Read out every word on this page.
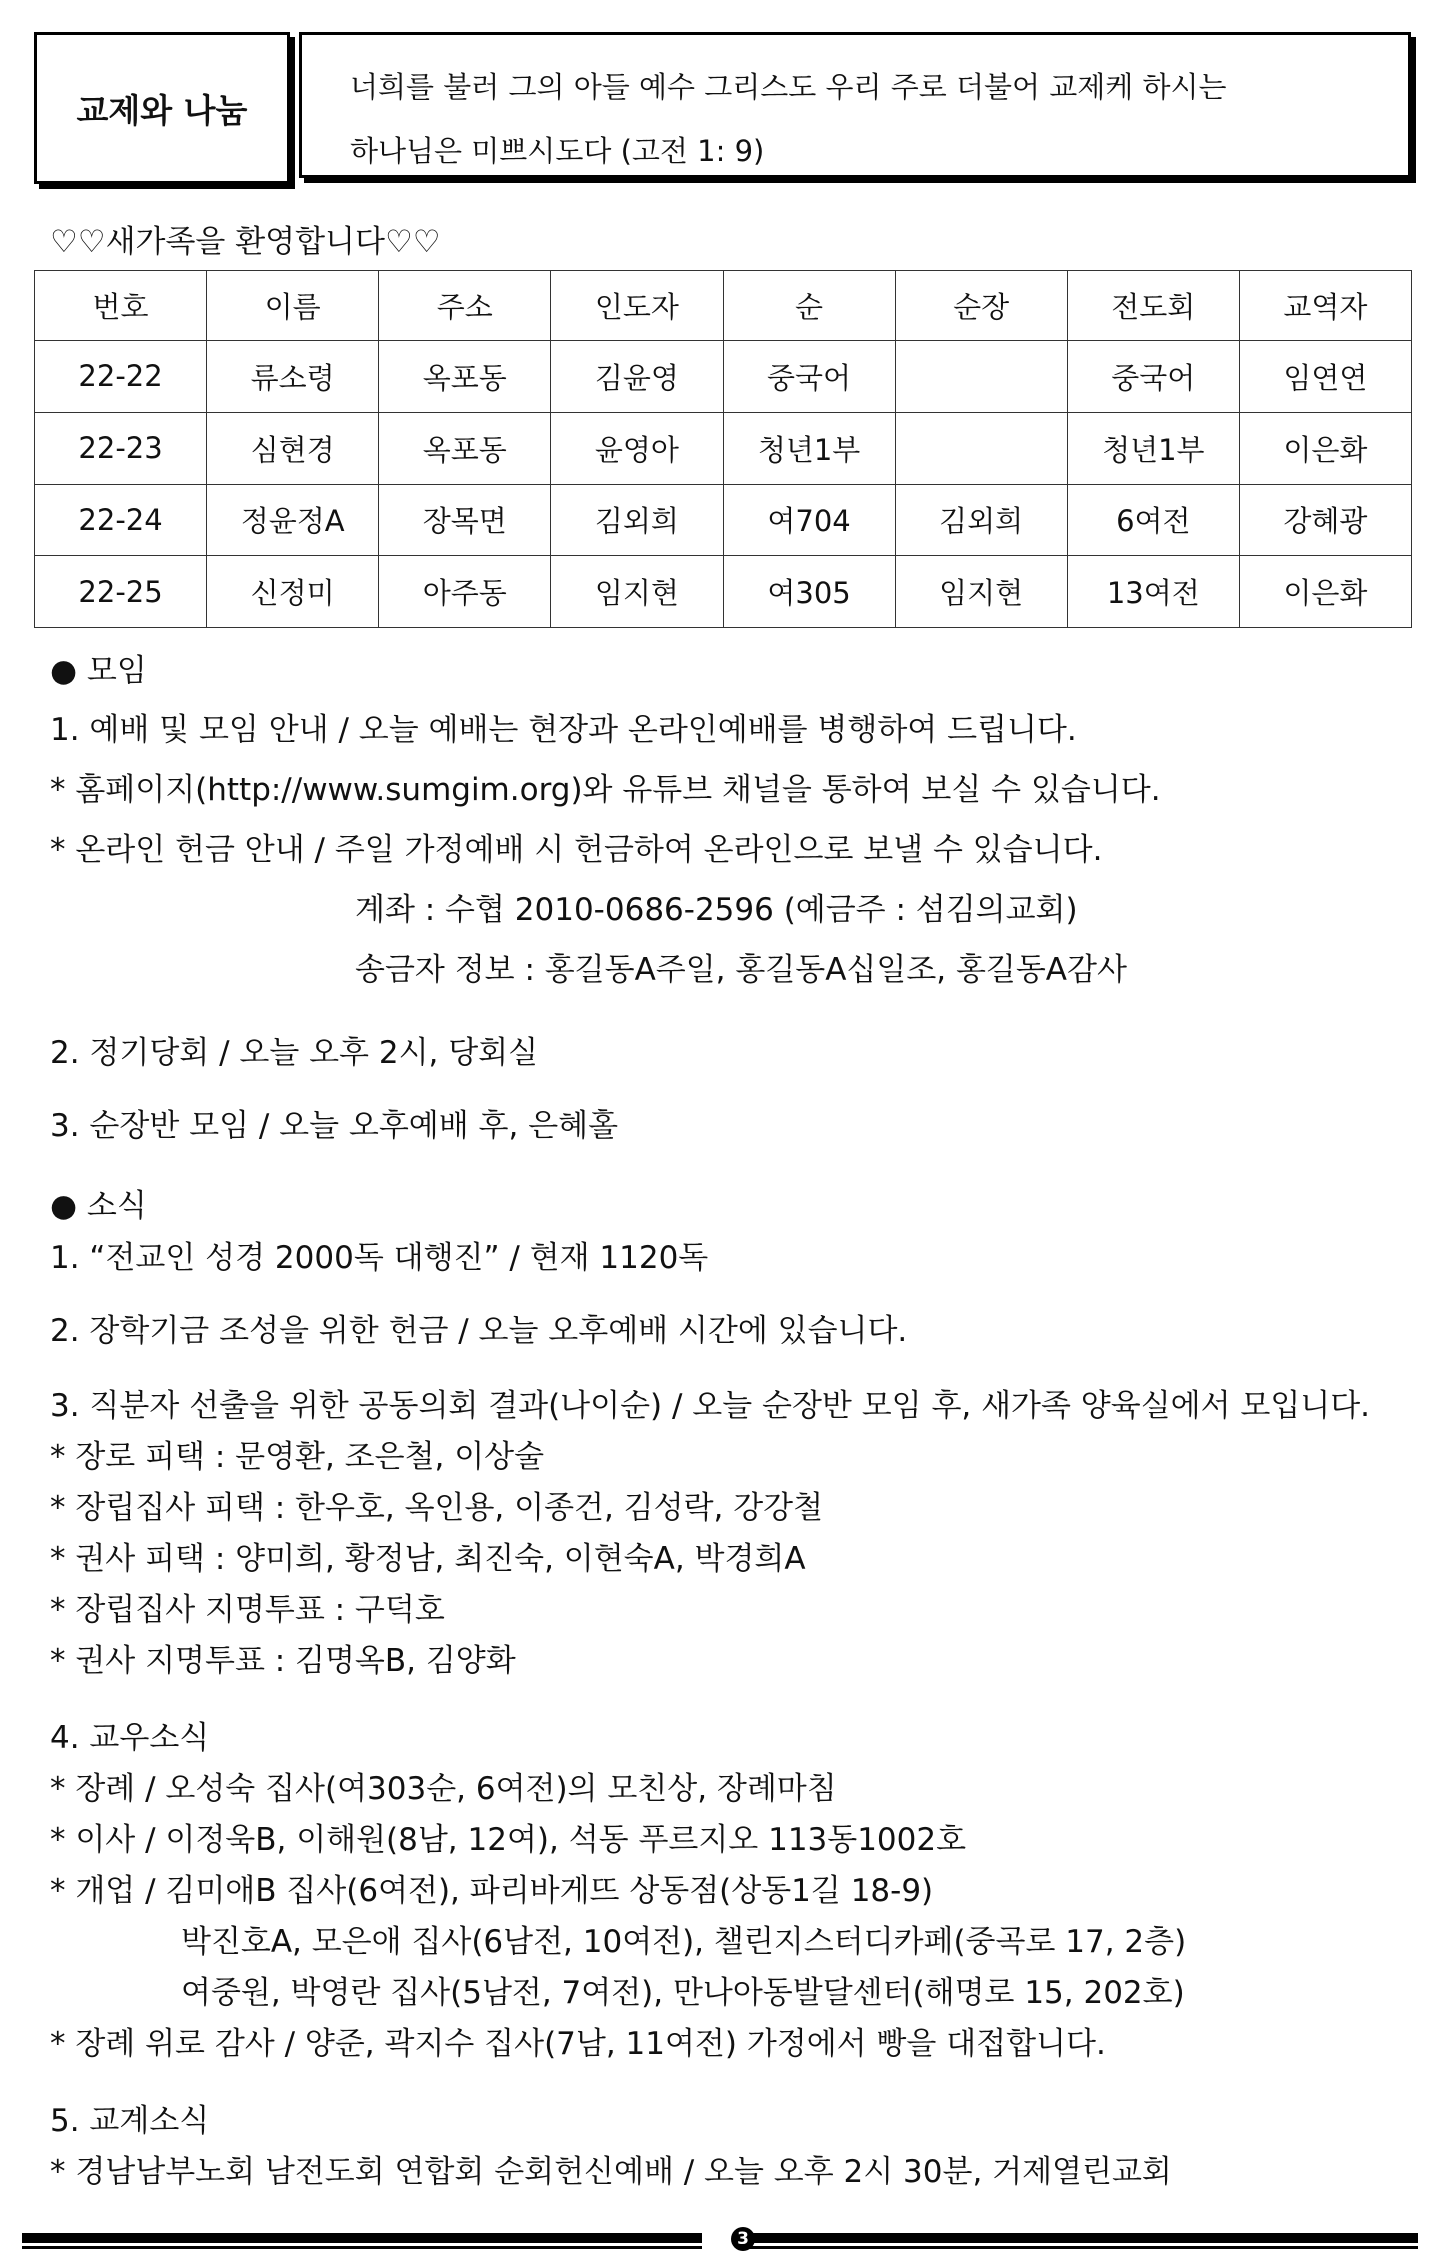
교제와 나눔
너희를 불러 그의 아들 예수 그리스도 우리 주로 더불어 교제케 하시는
하나님은 미쁘시도다 (고전 1: 9)
♡♡새가족을 환영합니다♡♡
번호	이름	주소	인도자	순	순장	전도회	교역자
22-22	류소령	옥포동	김윤영	중국어		중국어	임연연
22-23	심현경	옥포동	윤영아	청년1부		청년1부	이은화
22-24	정윤정A	장목면	김외희	여704	김외희	6여전	강혜광
22-25	신정미	아주동	임지현	여305	임지현	13여전	이은화
● 모임
1. 예배 및 모임 안내 / 오늘 예배는 현장과 온라인예배를 병행하여 드립니다.
* 홈페이지(http://www.sumgim.org)와 유튜브 채널을 통하여 보실 수 있습니다.
* 온라인 헌금 안내 / 주일 가정예배 시 헌금하여 온라인으로 보낼 수 있습니다.
계좌 : 수협 2010-0686-2596 (예금주 : 섬김의교회)
송금자 정보 : 홍길동A주일, 홍길동A십일조, 홍길동A감사
2. 정기당회 / 오늘 오후 2시, 당회실
3. 순장반 모임 / 오늘 오후예배 후, 은혜홀
● 소식
1. “전교인 성경 2000독 대행진” / 현재 1120독
2. 장학기금 조성을 위한 헌금 / 오늘 오후예배 시간에 있습니다.
3. 직분자 선출을 위한 공동의회 결과(나이순) / 오늘 순장반 모임 후, 새가족 양육실에서 모입니다.
* 장로 피택 : 문영환, 조은철, 이상술
* 장립집사 피택 : 한우호, 옥인용, 이종건, 김성락, 강강철
* 권사 피택 : 양미희, 황정남, 최진숙, 이현숙A, 박경희A
* 장립집사 지명투표 : 구덕호
* 권사 지명투표 : 김명옥B, 김양화
4. 교우소식
* 장례 / 오성숙 집사(여303순, 6여전)의 모친상, 장례마침
* 이사 / 이정욱B, 이해원(8남, 12여), 석동 푸르지오 113동1002호
* 개업 / 김미애B 집사(6여전), 파리바게뜨 상동점(상동1길 18-9)
박진호A, 모은애 집사(6남전, 10여전), 챌린지스터디카페(중곡로 17, 2층)
여중원, 박영란 집사(5남전, 7여전), 만나아동발달센터(해명로 15, 202호)
* 장례 위로 감사 / 양준, 곽지수 집사(7남, 11여전) 가정에서 빵을 대접합니다.
5. 교계소식
* 경남남부노회 남전도회 연합회 순회헌신예배 / 오늘 오후 2시 30분, 거제열린교회
3
